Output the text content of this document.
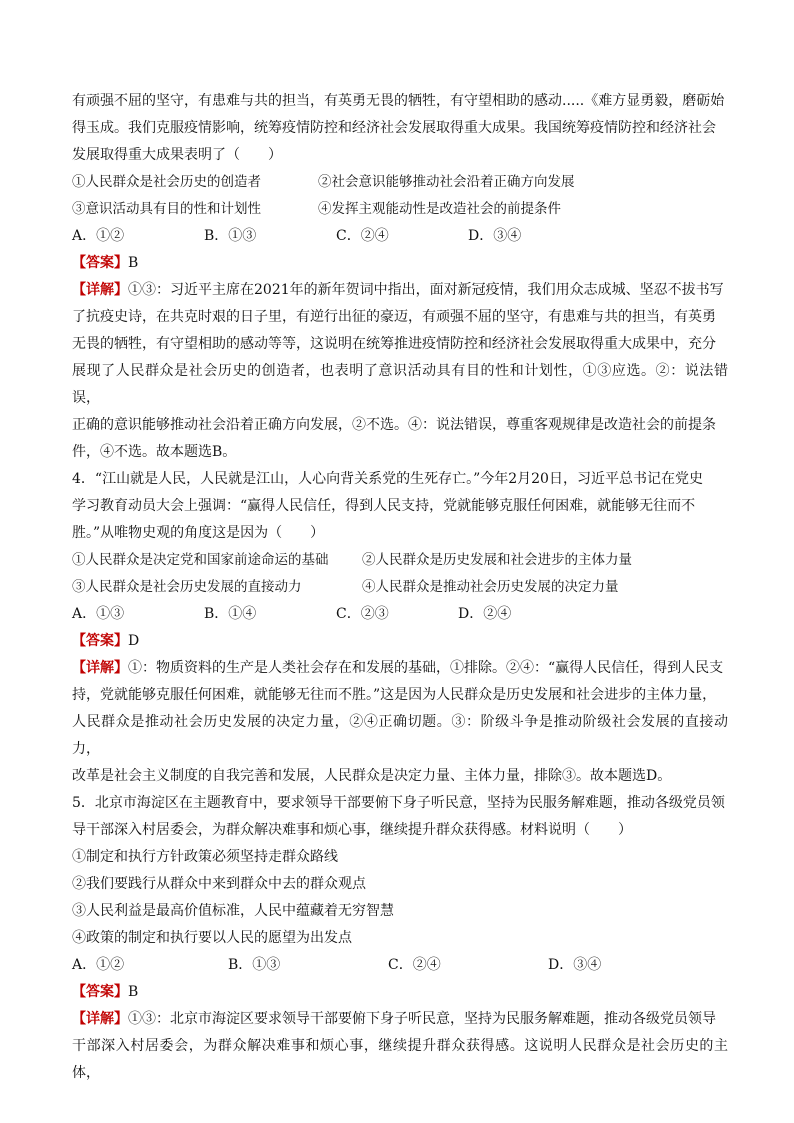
有顽强不屈的坚守，有患难与共的担当，有英勇无畏的牺牲，有守望相助的感动.....《难方显勇毅，磨砺始

得玉成。我们克服疫情影响，统筹疫情防控和经济社会发展取得重大成果。我国统筹疫情防控和经济社会

发展取得重大成果表明了（　　）

①人民群众是社会历史的创造者	②社会意识能够推动社会沿着正确方向发展
③意识活动具有目的性和计划性	④发挥主观能动性是改造社会的前提条件
A．①②	B．①③	C．②④	D．③④
【答案】B

【详解】①③：习近平主席在2021年的新年贺词中指出，面对新冠疫情，我们用众志成城、坚忍不拔书写

了抗疫史诗，在共克时艰的日子里，有逆行出征的豪迈，有顽强不屈的坚守，有患难与共的担当，有英勇

无畏的牺牲，有守望相助的感动等等，这说明在统筹推进疫情防控和经济社会发展取得重大成果中，充分

展现了人民群众是社会历史的创造者，也表明了意识活动具有目的性和计划性，①③应选。②：说法错误，

正确的意识能够推动社会沿着正确方向发展，②不选。④：说法错误，尊重客观规律是改造社会的前提条

件，④不选。故本题选B。

4．“江山就是人民，人民就是江山，人心向背关系党的生死存亡。”今年2月20日，习近平总书记在党史

学习教育动员大会上强调：“赢得人民信任，得到人民支持，党就能够克服任何困难，就能够无往而不

胜。”从唯物史观的角度这是因为（　　）

①人民群众是决定党和国家前途命运的基础	②人民群众是历史发展和社会进步的主体力量
③人民群众是社会历史发展的直接动力	④人民群众是推动社会历史发展的决定力量
A．①③	B．①④	C．②③	D．②④
【答案】D

【详解】①：物质资料的生产是人类社会存在和发展的基础，①排除。②④：“赢得人民信任，得到人民支

持，党就能够克服任何困难，就能够无往而不胜。”这是因为人民群众是历史发展和社会进步的主体力量，

人民群众是推动社会历史发展的决定力量，②④正确切题。③：阶级斗争是推动阶级社会发展的直接动力，

改革是社会主义制度的自我完善和发展，人民群众是决定力量、主体力量，排除③。故本题选D。

5．北京市海淀区在主题教育中，要求领导干部要俯下身子听民意，坚持为民服务解难题，推动各级党员领

导干部深入村居委会，为群众解决难事和烦心事，继续提升群众获得感。材料说明（　　）

①制定和执行方针政策必须坚持走群众路线

②我们要践行从群众中来到群众中去的群众观点

③人民利益是最高价值标准，人民中蕴藏着无穷智慧

④政策的制定和执行要以人民的愿望为出发点

A．①②	B．①③	C．②④	D．③④
【答案】B

【详解】①③：北京市海淀区要求领导干部要俯下身子听民意，坚持为民服务解难题，推动各级党员领导

干部深入村居委会，为群众解决难事和烦心事，继续提升群众获得感。这说明人民群众是社会历史的主体，
